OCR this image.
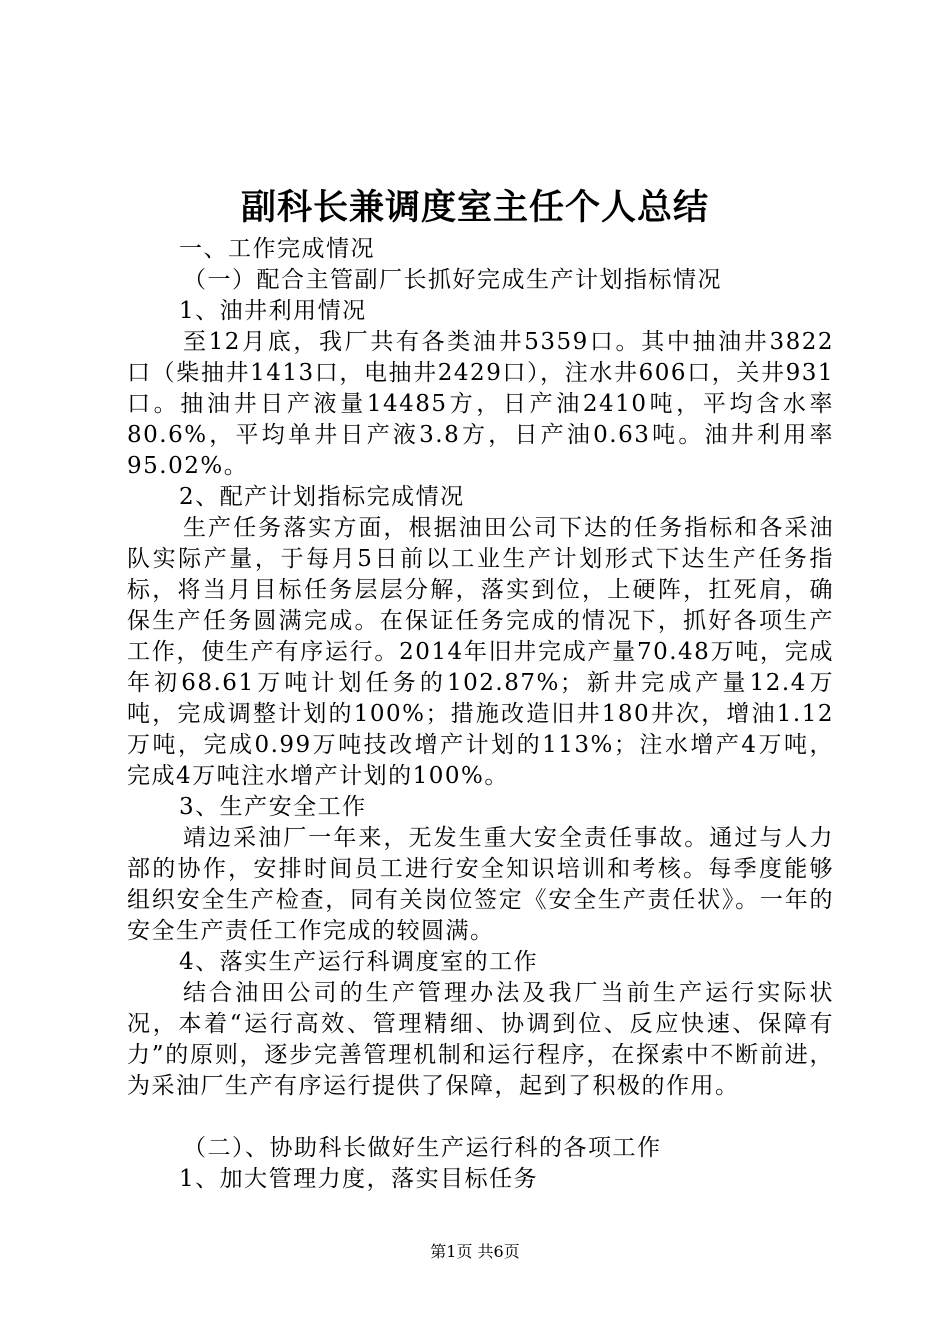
副科长兼调度室主任个人总结

一、工作完成情况

（一）配合主管副厂长抓好完成生产计划指标情况

1、油井利用情况

至12月底，我厂共有各类油井5359口。其中抽油井3822口（柴抽井1413口，电抽井2429口），注水井606口，关井931口。抽油井日产液量14485方，日产油2410吨，平均含水率80.6%，平均单井日产液3.8方，日产油0.63吨。油井利用率95.02%。

2、配产计划指标完成情况

生产任务落实方面，根据油田公司下达的任务指标和各采油队实际产量，于每月5日前以工业生产计划形式下达生产任务指标，将当月目标任务层层分解，落实到位，上硬阵，扛死肩，确保生产任务圆满完成。在保证任务完成的情况下，抓好各项生产工作，使生产有序运行。2014年旧井完成产量70.48万吨，完成年初68.61万吨计划任务的102.87%；新井完成产量12.4万吨，完成调整计划的100%；措施改造旧井180井次，增油1.12万吨，完成0.99万吨技改增产计划的113%；注水增产4万吨，完成4万吨注水增产计划的100%。

3、生产安全工作

靖边采油厂一年来，无发生重大安全责任事故。通过与人力部的协作，安排时间员工进行安全知识培训和考核。每季度能够组织安全生产检查，同有关岗位签定《安全生产责任状》。一年的安全生产责任工作完成的较圆满。

4、落实生产运行科调度室的工作

结合油田公司的生产管理办法及我厂当前生产运行实际状况，本着“运行高效、管理精细、协调到位、反应快速、保障有力”的原则，逐步完善管理机制和运行程序，在探索中不断前进，为采油厂生产有序运行提供了保障，起到了积极的作用。

（二）、协助科长做好生产运行科的各项工作

1、加大管理力度，落实目标任务

第1页 共6页
